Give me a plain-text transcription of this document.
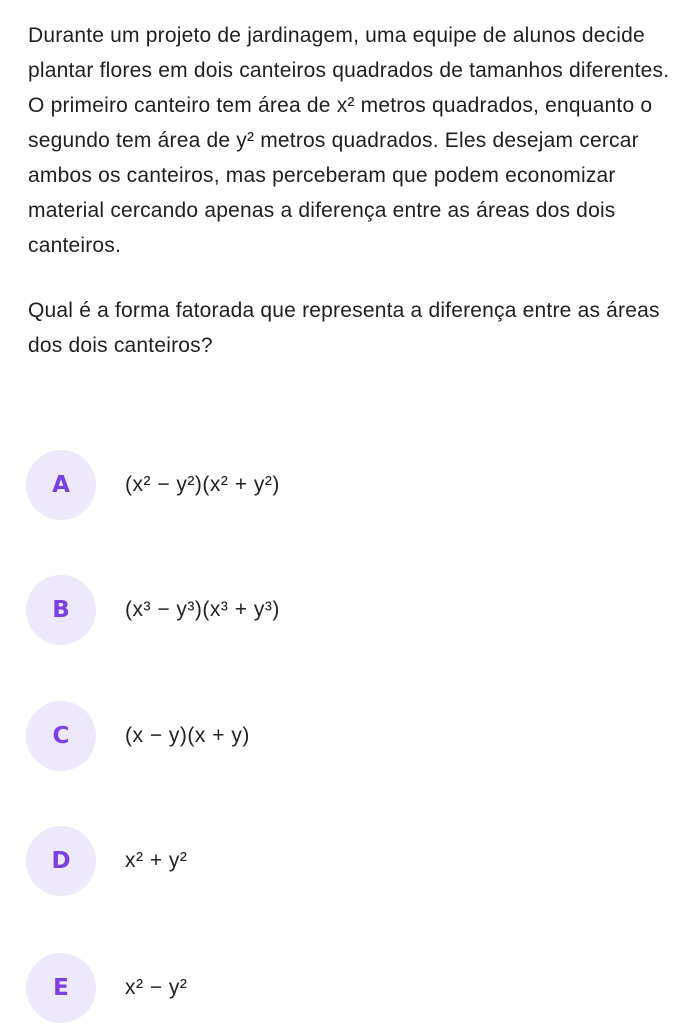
Durante um projeto de jardinagem, uma equipe de alunos decide plantar flores em dois canteiros quadrados de tamanhos diferentes. O primeiro canteiro tem área de x² metros quadrados, enquanto o segundo tem área de y² metros quadrados. Eles desejam cercar ambos os canteiros, mas perceberam que podem economizar material cercando apenas a diferença entre as áreas dos dois canteiros.

Qual é a forma fatorada que representa a diferença entre as áreas dos dois canteiros?

A	(x² − y²)(x² + y²)
B	(x³ − y³)(x³ + y³)
C	(x − y)(x + y)
D	x² + y²
E	x² − y²
